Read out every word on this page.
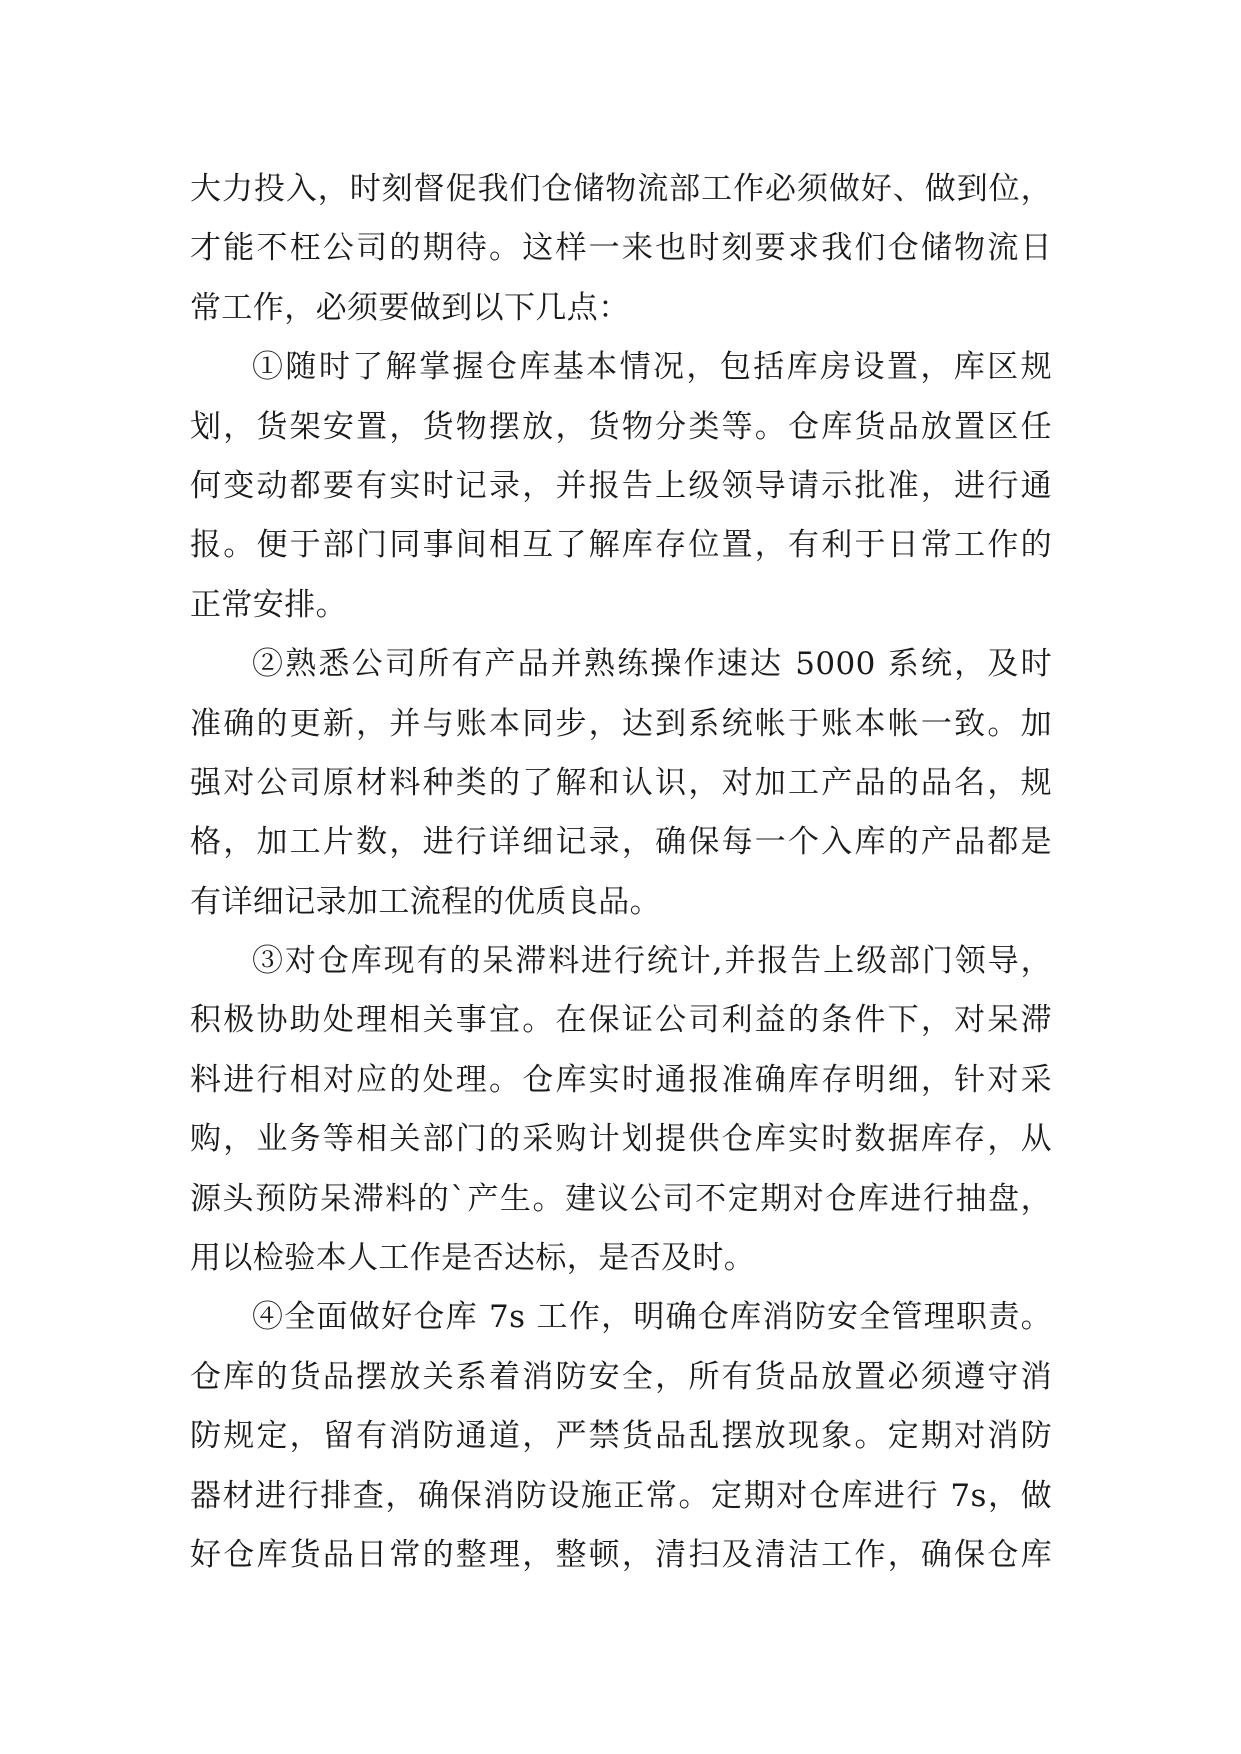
大力投入，时刻督促我们仓储物流部工作必须做好、做到位，
才能不枉公司的期待。这样一来也时刻要求我们仓储物流日
常工作，必须要做到以下几点：
①随时了解掌握仓库基本情况，包括库房设置，库区规
划，货架安置，货物摆放，货物分类等。仓库货品放置区任
何变动都要有实时记录，并报告上级领导请示批准，进行通
报。便于部门同事间相互了解库存位置，有利于日常工作的
正常安排。
②熟悉公司所有产品并熟练操作速达 5000 系统，及时
准确的更新，并与账本同步，达到系统帐于账本帐一致。加
强对公司原材料种类的了解和认识，对加工产品的品名，规
格，加工片数，进行详细记录，确保每一个入库的产品都是
有详细记录加工流程的优质良品。
③对仓库现有的呆滞料进行统计,并报告上级部门领导，
积极协助处理相关事宜。在保证公司利益的条件下，对呆滞
料进行相对应的处理。仓库实时通报准确库存明细，针对采
购，业务等相关部门的采购计划提供仓库实时数据库存，从
源头预防呆滞料的`产生。建议公司不定期对仓库进行抽盘，
用以检验本人工作是否达标，是否及时。
④全面做好仓库 7s 工作，明确仓库消防安全管理职责。
仓库的货品摆放关系着消防安全，所有货品放置必须遵守消
防规定，留有消防通道，严禁货品乱摆放现象。定期对消防
器材进行排查，确保消防设施正常。定期对仓库进行 7s，做
好仓库货品日常的整理，整顿，清扫及清洁工作，确保仓库
